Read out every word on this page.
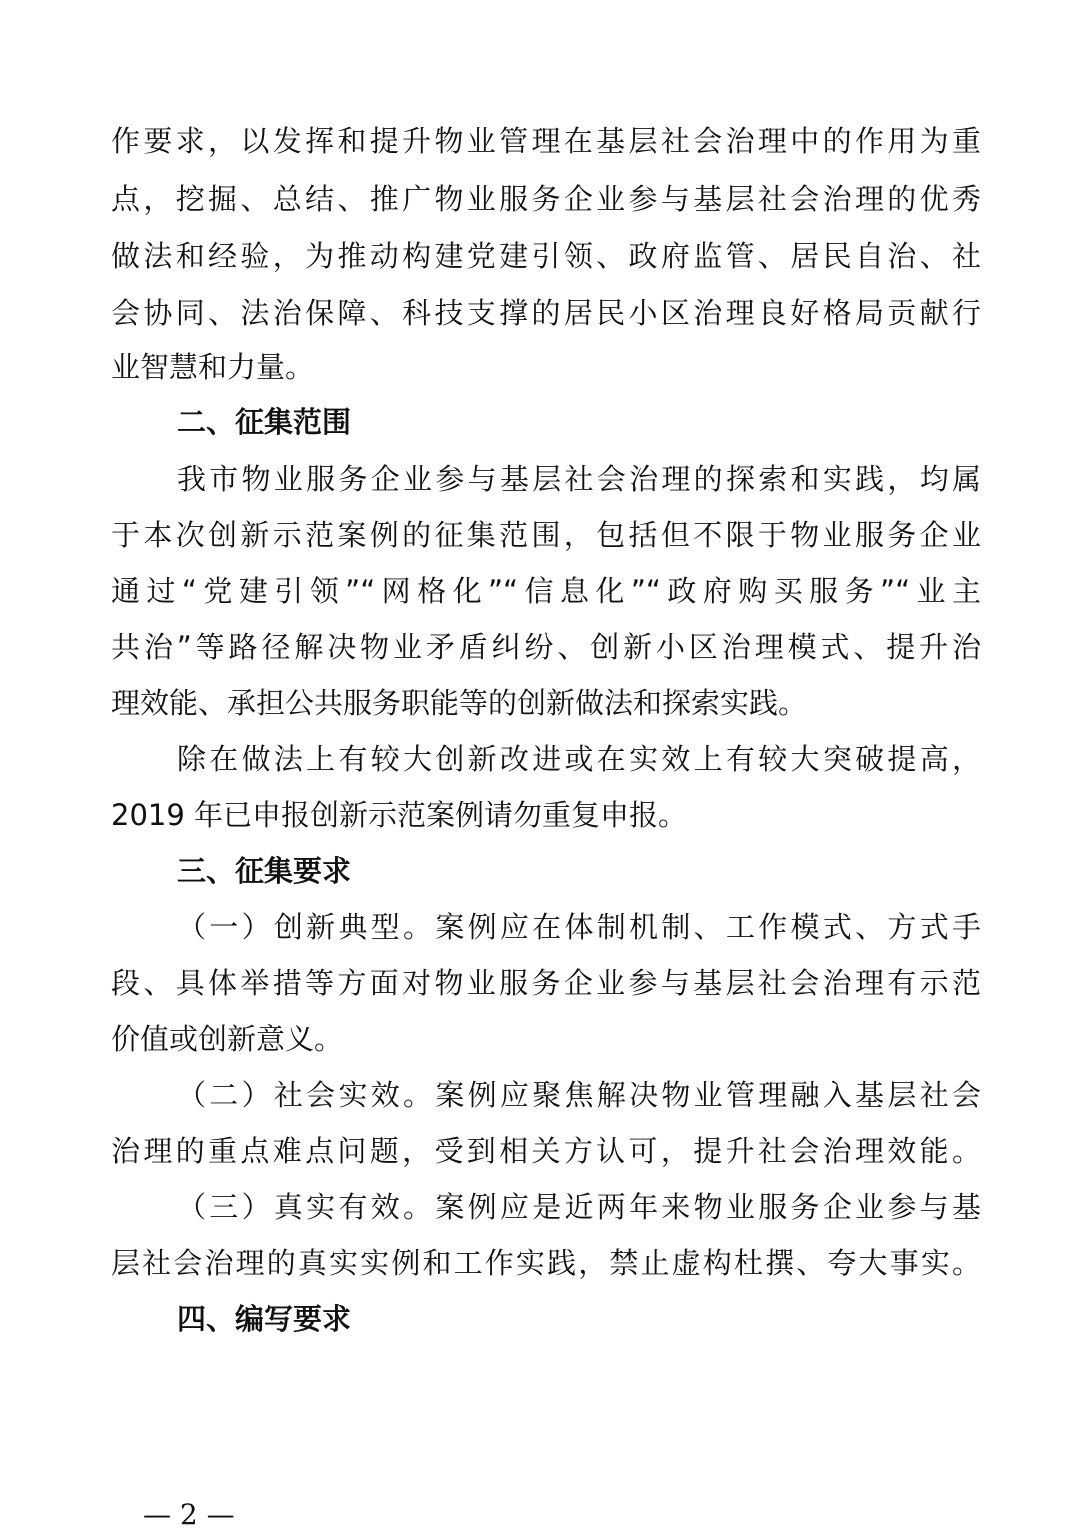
作要求，以发挥和提升物业管理在基层社会治理中的作用为重
点，挖掘、总结、推广物业服务企业参与基层社会治理的优秀
做法和经验，为推动构建党建引领、政府监管、居民自治、社
会协同、法治保障、科技支撑的居民小区治理良好格局贡献行
业智慧和力量。
二、征集范围
我市物业服务企业参与基层社会治理的探索和实践，均属
于本次创新示范案例的征集范围，包括但不限于物业服务企业
通过“党建引领”“网格化”“信息化”“政府购买服务”“业主
共治”等路径解决物业矛盾纠纷、创新小区治理模式、提升治
理效能、承担公共服务职能等的创新做法和探索实践。
除在做法上有较大创新改进或在实效上有较大突破提高，
2019 年已申报创新示范案例请勿重复申报。
三、征集要求
（一）创新典型。案例应在体制机制、工作模式、方式手
段、具体举措等方面对物业服务企业参与基层社会治理有示范
价值或创新意义。
（二）社会实效。案例应聚焦解决物业管理融入基层社会
治理的重点难点问题，受到相关方认可，提升社会治理效能。
（三）真实有效。案例应是近两年来物业服务企业参与基
层社会治理的真实实例和工作实践，禁止虚构杜撰、夸大事实。
四、编写要求
— 2 —
